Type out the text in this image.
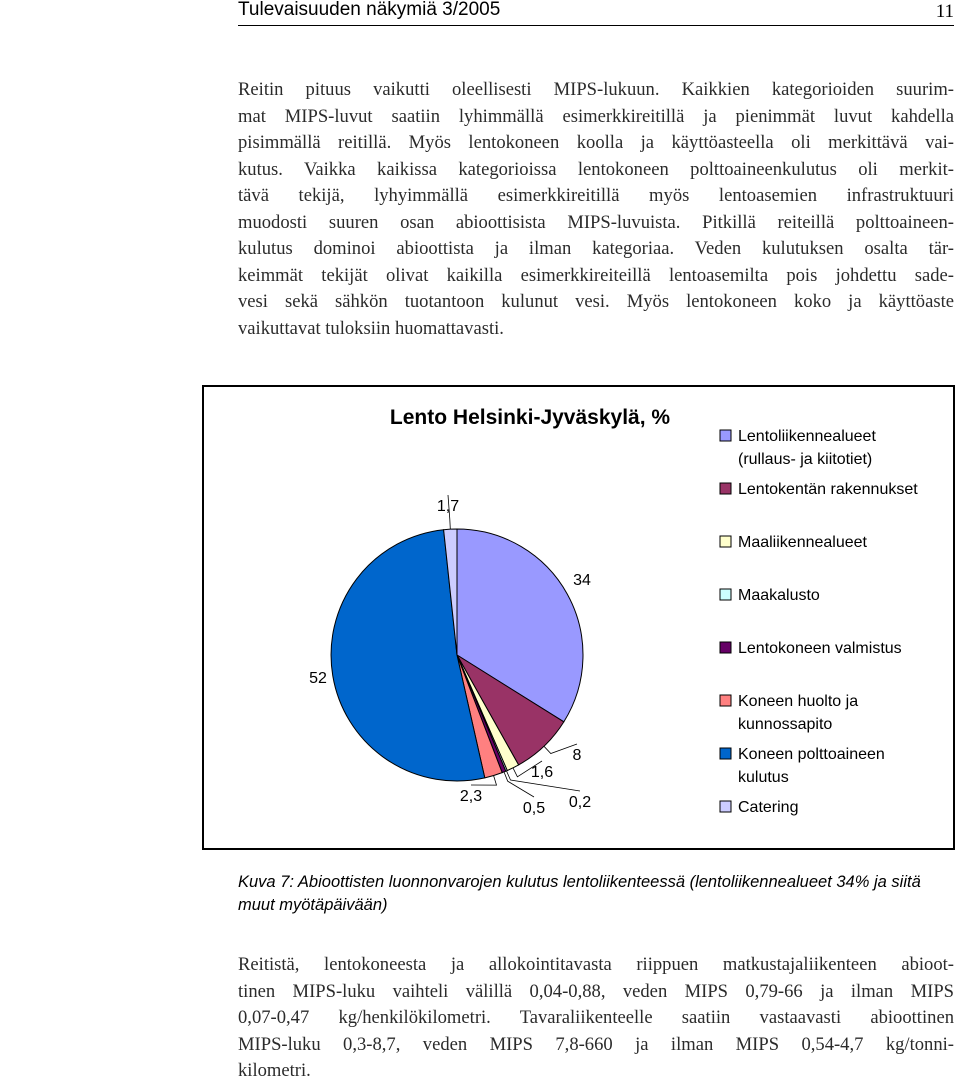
Tulevaisuuden näkymiä 3/2005	11
Reitin pituus vaikutti oleellisesti MIPS-lukuun. Kaikkien kategorioiden suurim-
mat MIPS-luvut saatiin lyhimmällä esimerkkireitillä ja pienimmät luvut kahdella
pisimmällä reitillä. Myös lentokoneen koolla ja käyttöasteella oli merkittävä vai-
kutus. Vaikka kaikissa kategorioissa lentokoneen polttoaineenkulutus oli merkit-
tävä tekijä, lyhyimmällä esimerkkireitillä myös lentoasemien infrastruktuuri
muodosti suuren osan abioottisista MIPS-luvuista. Pitkillä reiteillä polttoaineen-
kulutus dominoi abioottista ja ilman kategoriaa. Veden kulutuksen osalta tär-
keimmät tekijät olivat kaikilla esimerkkireiteillä lentoasemilta pois johdettu sade-
vesi sekä sähkön tuotantoon kulunut vesi. Myös lentokoneen koko ja käyttöaste
vaikuttavat tuloksiin huomattavasti.
Lento Helsinki-Jyväskylä, %
34
8
1,6
0,2
0,5
2,3
52
1,7
Lentoliikennealueet
(rullaus- ja kiitotiet)
Lentokentän rakennukset
Maaliikennealueet
Maakalusto
Lentokoneen valmistus
Koneen huolto ja
kunnossapito
Koneen polttoaineen
kulutus
Catering

Kuva 7: Abioottisten luonnonvarojen kulutus lentoliikenteessä (lentoliikennealueet 34% ja siitä muut myötäpäivään)

Reitistä, lentokoneesta ja allokointitavasta riippuen matkustajaliikenteen abioot-
tinen MIPS-luku vaihteli välillä 0,04-0,88, veden MIPS 0,79-66 ja ilman MIPS
0,07-0,47 kg/henkilökilometri. Tavaraliikenteelle saatiin vastaavasti abioottinen
MIPS-luku 0,3-8,7, veden MIPS 7,8-660 ja ilman MIPS 0,54-4,7 kg/tonni-
kilometri.
